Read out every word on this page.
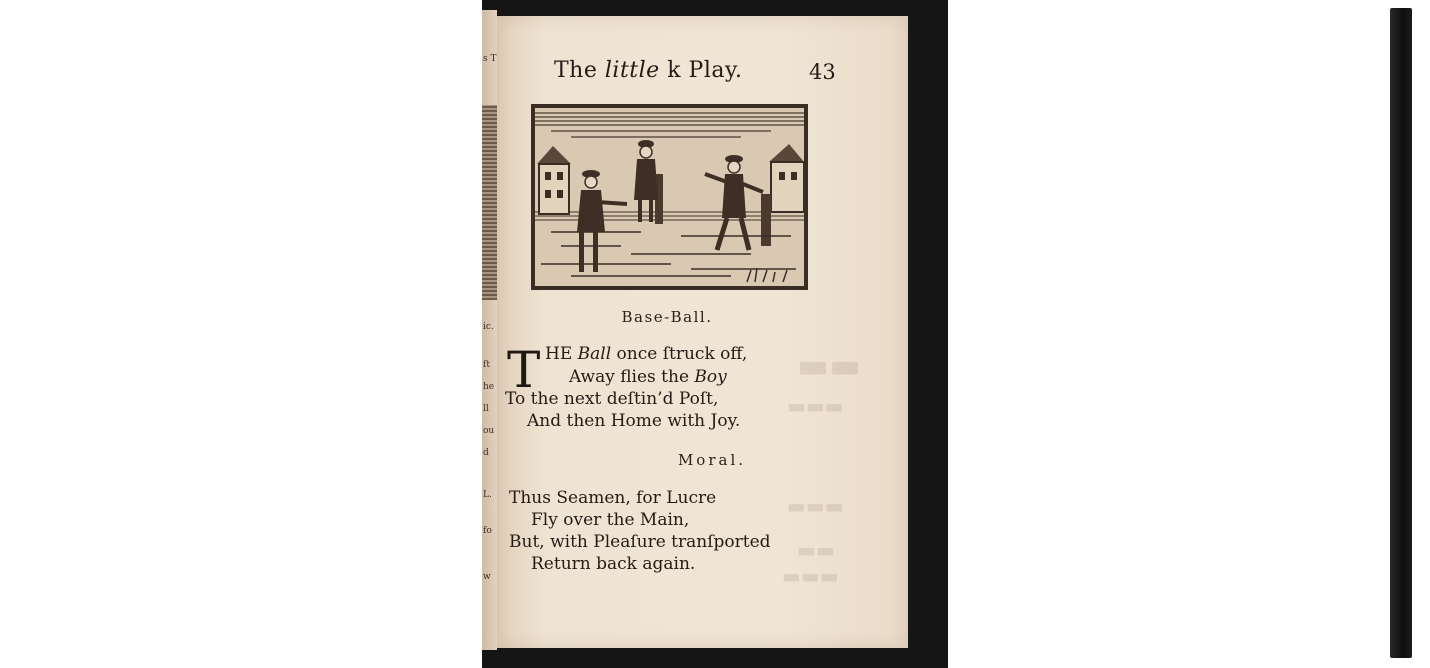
s T
ic.
ſt
he
ll
ou
d
L.
fo
w
▬▬
▬▬▬
▬▬▬
▬▬
▬▬▬
The little k Play.	43
Base-Ball.
T HE Ball once ſtruck off,
Away flies the Boy
To the next deſtin’d Poſt,
And then Home with Joy.
Moral.
Thus Seamen, for Lucre
Fly over the Main,
But, with Pleaſure tranſported
Return back again.
